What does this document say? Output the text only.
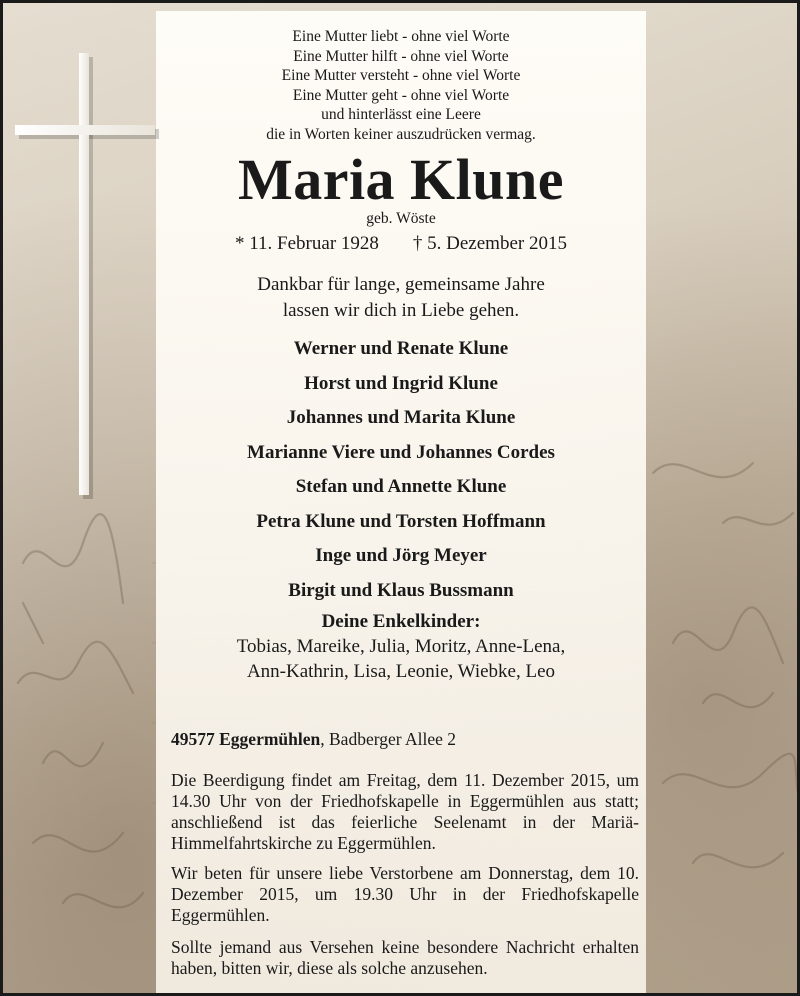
Eine Mutter liebt - ohne viel Worte
Eine Mutter hilft - ohne viel Worte
Eine Mutter versteht - ohne viel Worte
Eine Mutter geht - ohne viel Worte
und hinterlässt eine Leere
die in Worten keiner auszudrücken vermag.
Maria Klune
geb. Wöste
* 11. Februar 1928 † 5. Dezember 2015
Dankbar für lange, gemeinsame Jahre
lassen wir dich in Liebe gehen.
Werner und Renate Klune
Horst und Ingrid Klune
Johannes und Marita Klune
Marianne Viere und Johannes Cordes
Stefan und Annette Klune
Petra Klune und Torsten Hoffmann
Inge und Jörg Meyer
Birgit und Klaus Bussmann
Deine Enkelkinder:
Tobias, Mareike, Julia, Moritz, Anne-Lena,
Ann-Kathrin, Lisa, Leonie, Wiebke, Leo
49577 Eggermühlen, Badberger Allee 2
Die Beerdigung findet am Freitag, dem 11. Dezember 2015, um 14.30 Uhr von der Friedhofskapelle in Eggermühlen aus statt; anschließend ist das feierliche Seelenamt in der Mariä-Himmelfahrtskirche zu Eggermühlen.
Wir beten für unsere liebe Verstorbene am Donnerstag, dem 10. Dezember 2015, um 19.30 Uhr in der Friedhofskapelle Eggermühlen.
Sollte jemand aus Versehen keine besondere Nachricht erhalten haben, bitten wir, diese als solche anzusehen.
